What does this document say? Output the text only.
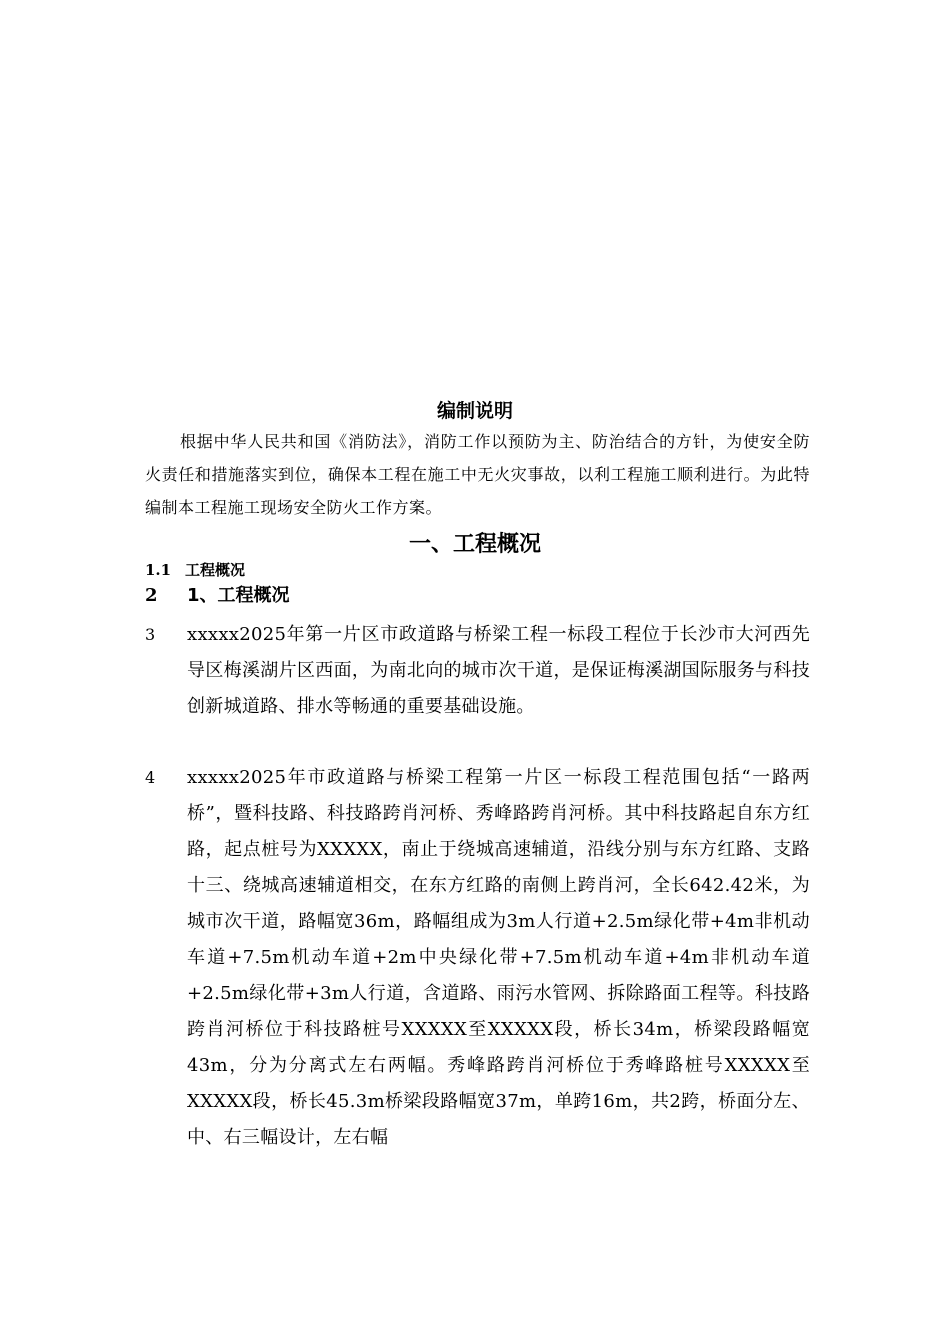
编制说明
根据中华人民共和国《消防法》，消防工作以预防为主、防治结合的方针，为使安全防火责任和措施落实到位，确保本工程在施工中无火灾事故，以利工程施工顺利进行。为此特编制本工程施工现场安全防火工作方案。
一、工程概况
1.1 工程概况
2 1、工程概况
3	xxxxx2025年第一片区市政道路与桥梁工程一标段工程位于长沙市大河西先导区梅溪湖片区西面，为南北向的城市次干道，是保证梅溪湖国际服务与科技创新城道路、排水等畅通的重要基础设施。
4	xxxxx2025年市政道路与桥梁工程第一片区一标段工程范围包括“一路两桥”，暨科技路、科技路跨肖河桥、秀峰路跨肖河桥。其中科技路起自东方红路，起点桩号为XXXXX，南止于绕城高速辅道，沿线分别与东方红路、支路十三、绕城高速辅道相交，在东方红路的南侧上跨肖河，全长642.42米，为城市次干道，路幅宽36m，路幅组成为3m人行道+2.5m绿化带+4m非机动车道+7.5m机动车道+2m中央绿化带+7.5m机动车道+4m非机动车道+2.5m绿化带+3m人行道，含道路、雨污水管网、拆除路面工程等。科技路跨肖河桥位于科技路桩号XXXXX至XXXXX段，桥长34m，桥梁段路幅宽43m，分为分离式左右两幅。秀峰路跨肖河桥位于秀峰路桩号XXXXX至XXXXX段，桥长45.3m桥梁段路幅宽37m，单跨16m，共2跨，桥面分左、中、右三幅设计，左右幅
